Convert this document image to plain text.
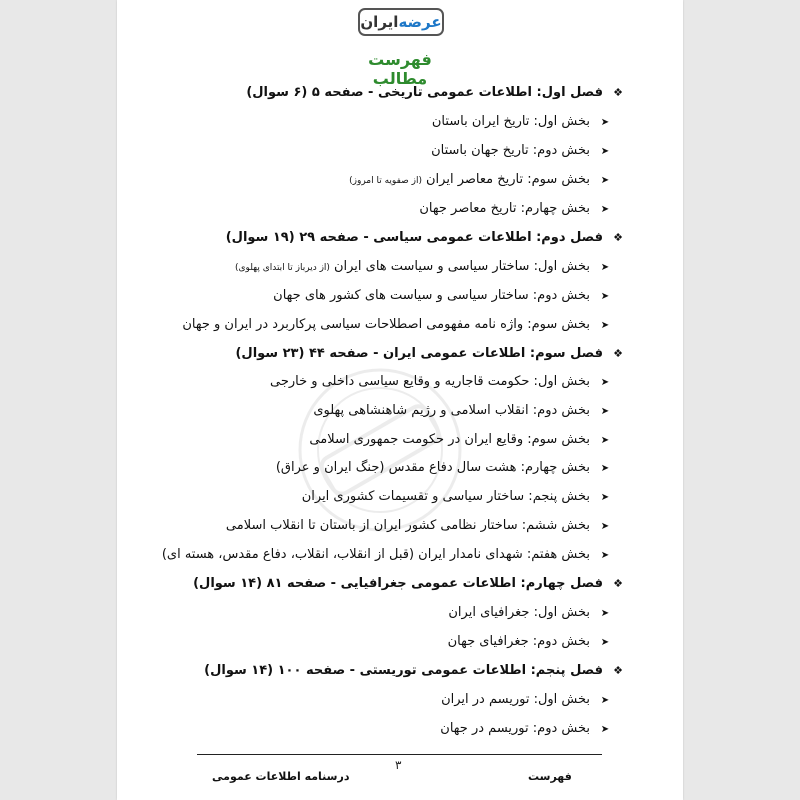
ایران عرضه
فهرست مطالب
❖فصل اول: اطلاعات عمومی تاریخی - صفحه ۵ (۶ سوال)
➤بخش اول: تاریخ ایران باستان
➤بخش دوم: تاریخ جهان باستان
➤بخش سوم: تاریخ معاصر ایران(از صفویه تا امروز)
➤بخش چهارم: تاریخ معاصر جهان
❖فصل دوم: اطلاعات عمومی سیاسی - صفحه ۲۹ (۱۹ سوال)
➤بخش اول: ساختار سیاسی و سیاست های ایران(از دیرباز تا ابتدای پهلوی)
➤بخش دوم: ساختار سیاسی و سیاست های کشور های جهان
➤بخش سوم: واژه نامه مفهومی اصطلاحات سیاسی پرکاربرد در ایران و جهان
❖فصل سوم: اطلاعات عمومی ایران - صفحه ۴۴ (۲۳ سوال)
➤بخش اول: حکومت قاجاریه و وقایع سیاسی داخلی و خارجی
➤بخش دوم: انقلاب اسلامی و رژیم شاهنشاهی پهلوی
➤بخش سوم: وقایع ایران در حکومت جمهوری اسلامی
➤بخش چهارم: هشت سال دفاع مقدس (جنگ ایران و عراق)
➤بخش پنجم: ساختار سیاسی و تقسیمات کشوری ایران
➤بخش ششم: ساختار نظامی کشور ایران از باستان تا انقلاب اسلامی
➤بخش هفتم: شهدای نامدار ایران (قبل از انقلاب، انقلاب، دفاع مقدس، هسته ای)
❖فصل چهارم: اطلاعات عمومی جغرافیایی - صفحه ۸۱ (۱۴ سوال)
➤بخش اول: جغرافیای ایران
➤بخش دوم: جغرافیای جهان
❖فصل پنجم: اطلاعات عمومی توریستی - صفحه ۱۰۰ (۱۴ سوال)
➤بخش اول: توریسم در ایران
➤بخش دوم: توریسم در جهان
۳
درسنامه اطلاعات عمومی	فهرست
